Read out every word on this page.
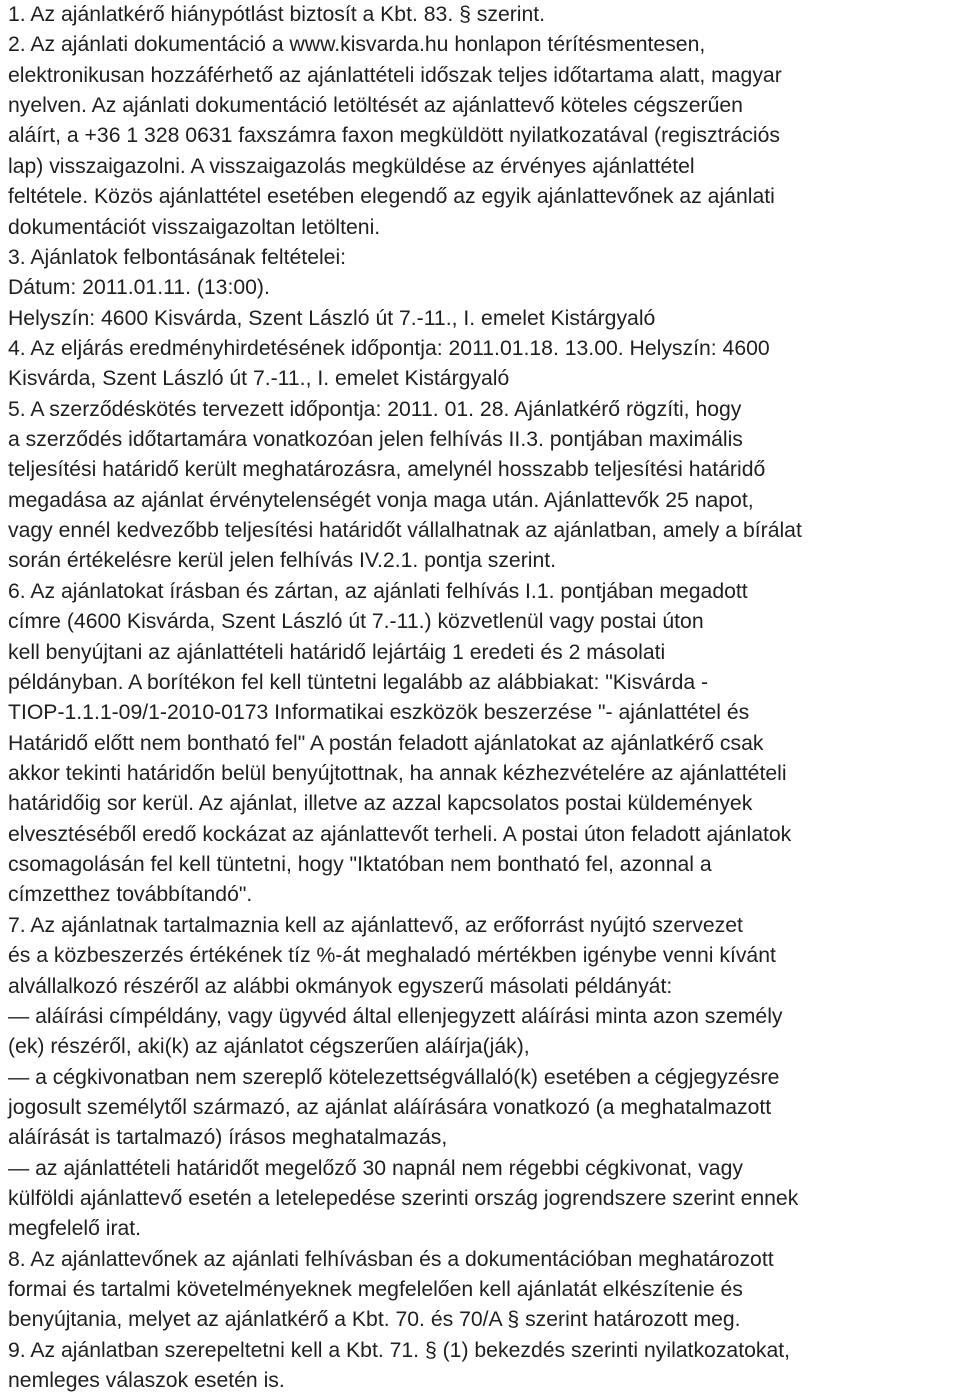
1. Az ajánlatkérő hiánypótlást biztosít a Kbt. 83. § szerint.
2. Az ajánlati dokumentáció a www.kisvarda.hu honlapon térítésmentesen,
elektronikusan hozzáférhető az ajánlattételi időszak teljes időtartama alatt, magyar
nyelven. Az ajánlati dokumentáció letöltését az ajánlattevő köteles cégszerűen
aláírt, a +36 1 328 0631 faxszámra faxon megküldött nyilatkozatával (regisztrációs
lap) visszaigazolni. A visszaigazolás megküldése az érvényes ajánlattétel
feltétele. Közös ajánlattétel esetében elegendő az egyik ajánlattevőnek az ajánlati
dokumentációt visszaigazoltan letölteni.
3. Ajánlatok felbontásának feltételei:
Dátum: 2011.01.11. (13:00).
Helyszín: 4600 Kisvárda, Szent László út 7.-11., I. emelet Kistárgyaló
4. Az eljárás eredményhirdetésének időpontja: 2011.01.18. 13.00. Helyszín: 4600
Kisvárda, Szent László út 7.-11., I. emelet Kistárgyaló
5. A szerződéskötés tervezett időpontja: 2011. 01. 28. Ajánlatkérő rögzíti, hogy
a szerződés időtartamára vonatkozóan jelen felhívás II.3. pontjában maximális
teljesítési határidő került meghatározásra, amelynél hosszabb teljesítési határidő
megadása az ajánlat érvénytelenségét vonja maga után. Ajánlattevők 25 napot,
vagy ennél kedvezőbb teljesítési határidőt vállalhatnak az ajánlatban, amely a bírálat
során értékelésre kerül jelen felhívás IV.2.1. pontja szerint.
6. Az ajánlatokat írásban és zártan, az ajánlati felhívás I.1. pontjában megadott
címre (4600 Kisvárda, Szent László út 7.-11.) közvetlenül vagy postai úton
kell benyújtani az ajánlattételi határidő lejártáig 1 eredeti és 2 másolati
példányban. A borítékon fel kell tüntetni legalább az alábbiakat: "Kisvárda -
TIOP-1.1.1-09/1-2010-0173 Informatikai eszközök beszerzése "- ajánlattétel és
Határidő előtt nem bontható fel" A postán feladott ajánlatokat az ajánlatkérő csak
akkor tekinti határidőn belül benyújtottnak, ha annak kézhezvételére az ajánlattételi
határidőig sor kerül. Az ajánlat, illetve az azzal kapcsolatos postai küldemények
elvesztéséből eredő kockázat az ajánlattevőt terheli. A postai úton feladott ajánlatok
csomagolásán fel kell tüntetni, hogy "Iktatóban nem bontható fel, azonnal a
címzetthez továbbítandó".
7. Az ajánlatnak tartalmaznia kell az ajánlattevő, az erőforrást nyújtó szervezet
és a közbeszerzés értékének tíz %-át meghaladó mértékben igénybe venni kívánt
alvállalkozó részéről az alábbi okmányok egyszerű másolati példányát:
— aláírási címpéldány, vagy ügyvéd által ellenjegyzett aláírási minta azon személy
(ek) részéről, aki(k) az ajánlatot cégszerűen aláírja(ják),
— a cégkivonatban nem szereplő kötelezettségvállaló(k) esetében a cégjegyzésre
jogosult személytől származó, az ajánlat aláírására vonatkozó (a meghatalmazott
aláírását is tartalmazó) írásos meghatalmazás,
— az ajánlattételi határidőt megelőző 30 napnál nem régebbi cégkivonat, vagy
külföldi ajánlattevő esetén a letelepedése szerinti ország jogrendszere szerint ennek
megfelelő irat.
8. Az ajánlattevőnek az ajánlati felhívásban és a dokumentációban meghatározott
formai és tartalmi követelményeknek megfelelően kell ajánlatát elkészítenie és
benyújtania, melyet az ajánlatkérő a Kbt. 70. és 70/A § szerint határozott meg.
9. Az ajánlatban szerepeltetni kell a Kbt. 71. § (1) bekezdés szerinti nyilatkozatokat,
nemleges válaszok esetén is.
